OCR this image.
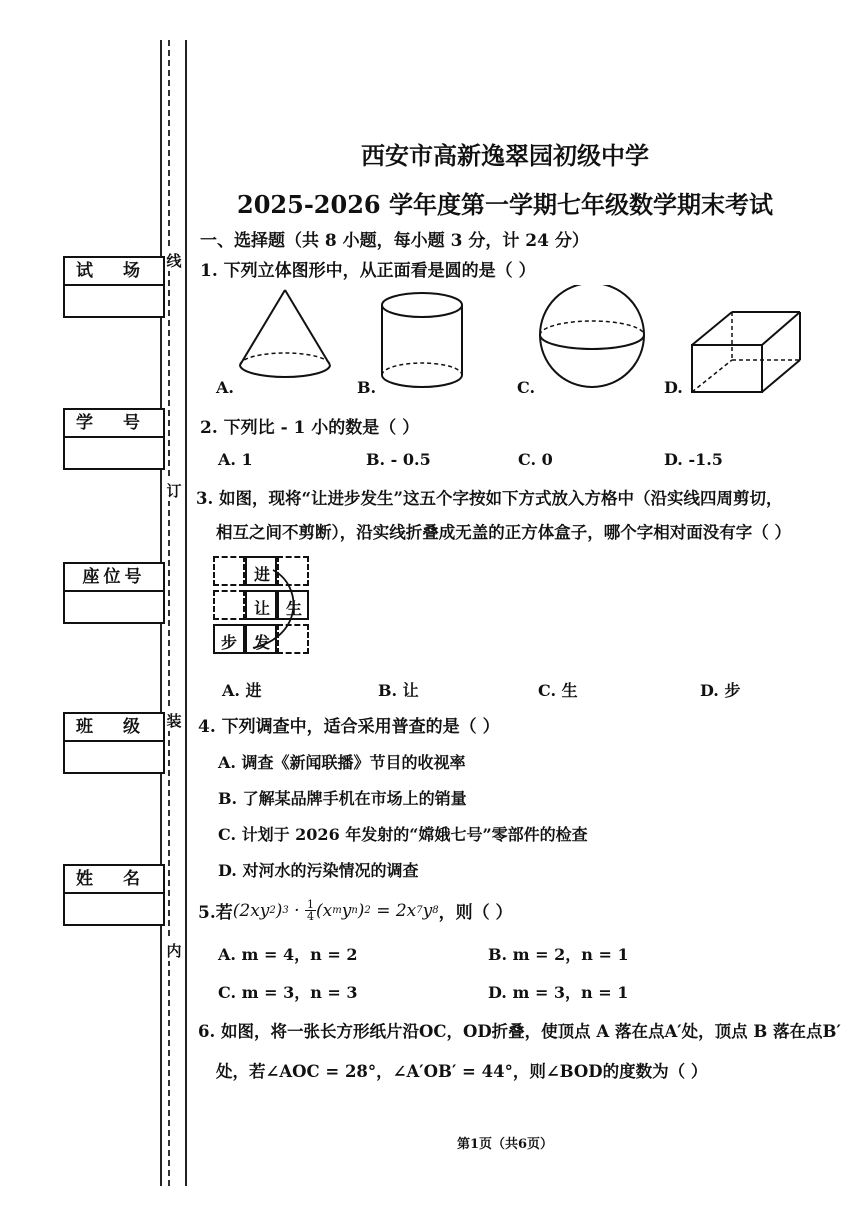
线
订
装
内
试 场
学 号
座位号
班 级
姓 名
西安市高新逸翠园初级中学
2025-2026 学年度第一学期七年级数学期末考试
一、选择题（共 8 小题，每小题 3 分，计 24 分）
1. 下列立体图形中，从正面看是圆的是（ ）
A.	B.	C.	D.
2. 下列比 - 1 小的数是（ ）
A. 1	B. - 0.5	C. 0	D. -1.5
3. 如图，现将“让进步发生”这五个字按如下方式放入方格中（沿实线四周剪切，
相互之间不剪断），沿实线折叠成无盖的正方体盒子，哪个字相对面没有字（ ）
进
让 生
步 发
A. 进	B. 让	C. 生	D. 步
4. 下列调查中，适合采用普查的是（ ）
A. 调查《新闻联播》节目的收视率
B. 了解某品牌手机在市场上的销量
C. 计划于 2026 年发射的“嫦娥七号”零部件的检查
D. 对河水的污染情况的调查
5.若 (2xy 2 ) 3 · 1
4 (x m y n ) 2 = 2x 7 y 8 ，则（ ）
A. m = 4，n = 2	B. m = 2，n = 1
C. m = 3，n = 3	D. m = 3，n = 1
6. 如图，将一张长方形纸片沿OC，OD折叠，使顶点 A 落在点A′处，顶点 B 落在点B′
处，若∠AOC = 28°，∠A′OB′ = 44°，则∠BOD的度数为（ ）
第1页（共6页）
